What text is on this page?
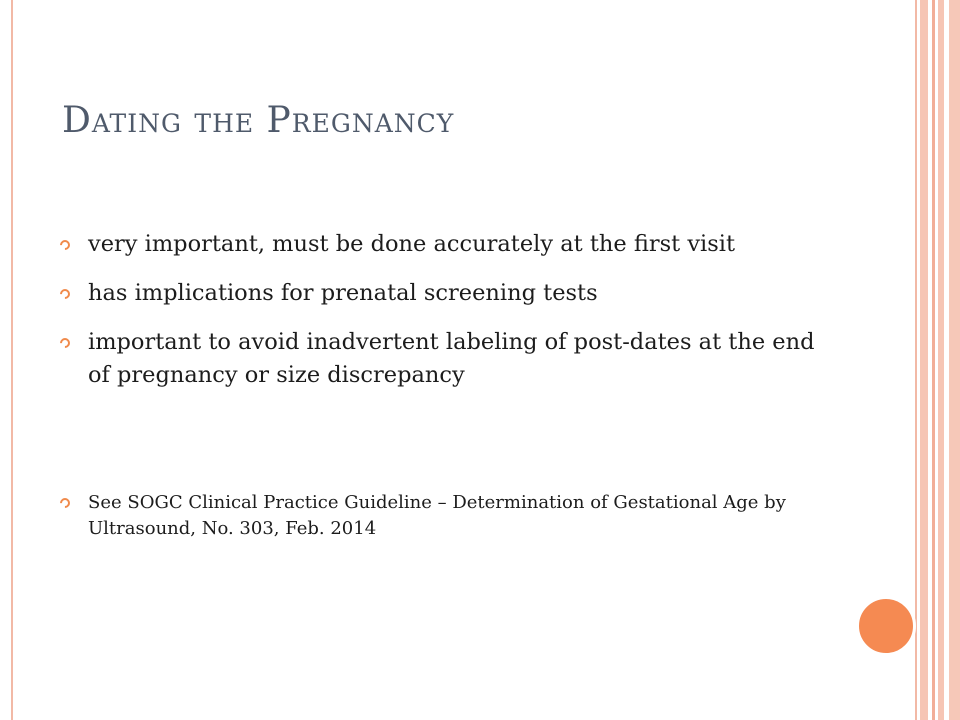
Dating the Pregnancy
very important, must be done accurately at the first visit
has implications for prenatal screening tests
important to avoid inadvertent labeling of post-dates at the end of pregnancy or size discrepancy
See SOGC Clinical Practice Guideline – Determination of Gestational Age by Ultrasound, No. 303, Feb. 2014
